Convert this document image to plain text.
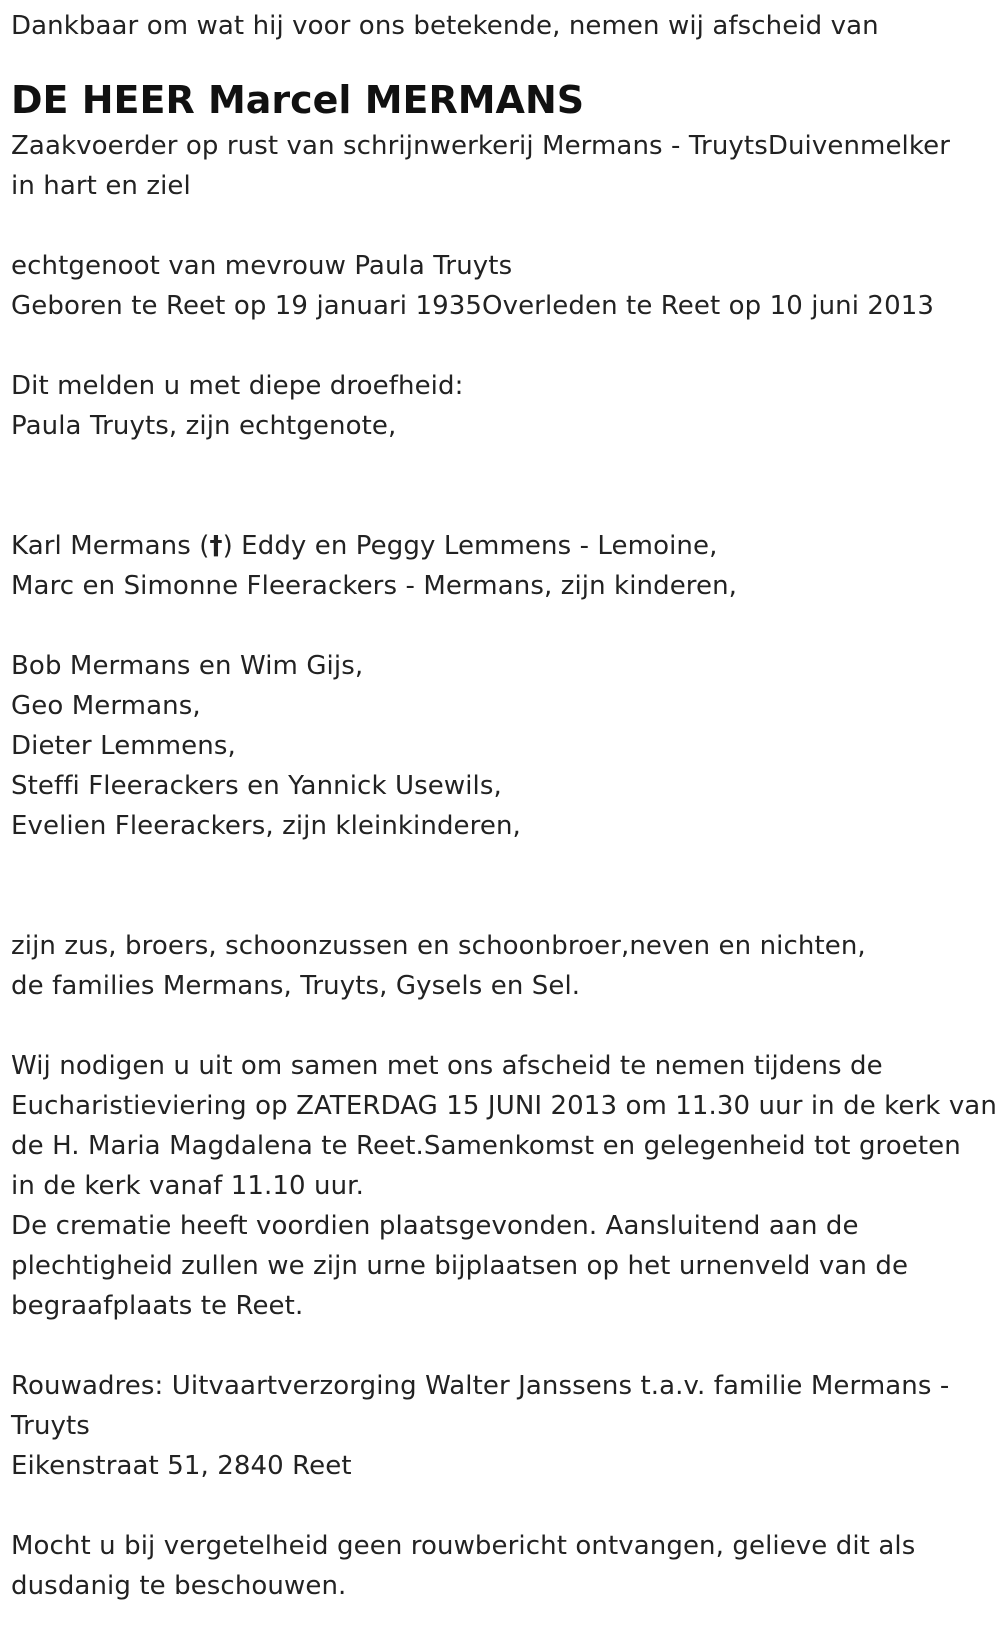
Dankbaar om wat hij voor ons betekende, nemen wij afscheid van
DE HEER Marcel MERMANS
Zaakvoerder op rust van schrijnwerkerij Mermans - TruytsDuivenmelker
in hart en ziel
echtgenoot van mevrouw Paula Truyts
Geboren te Reet op 19 januari 1935Overleden te Reet op 10 juni 2013
Dit melden u met diepe droefheid:
Paula Truyts, zijn echtgenote,
Karl Mermans (†) Eddy en Peggy Lemmens - Lemoine,
Marc en Simonne Fleerackers - Mermans, zijn kinderen,
Bob Mermans en Wim Gijs,
Geo Mermans,
Dieter Lemmens,
Steffi Fleerackers en Yannick Usewils,
Evelien Fleerackers, zijn kleinkinderen,
zijn zus, broers, schoonzussen en schoonbroer,neven en nichten,
de families Mermans, Truyts, Gysels en Sel.
Wij nodigen u uit om samen met ons afscheid te nemen tijdens de
Eucharistieviering op ZATERDAG 15 JUNI 2013 om 11.30 uur in de kerk van
de H. Maria Magdalena te Reet.Samenkomst en gelegenheid tot groeten
in de kerk vanaf 11.10 uur.
De crematie heeft voordien plaatsgevonden. Aansluitend aan de
plechtigheid zullen we zijn urne bijplaatsen op het urnenveld van de
begraafplaats te Reet.
Rouwadres: Uitvaartverzorging Walter Janssens t.a.v. familie Mermans -
Truyts
Eikenstraat 51, 2840 Reet
Mocht u bij vergetelheid geen rouwbericht ontvangen, gelieve dit als
dusdanig te beschouwen.
